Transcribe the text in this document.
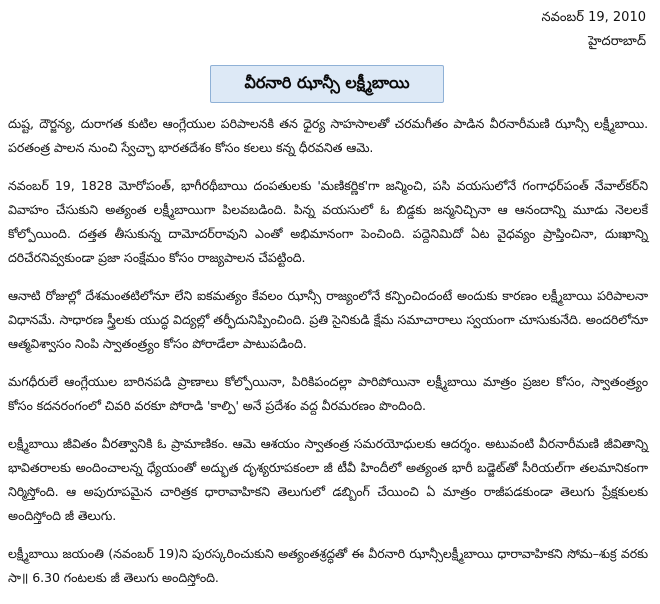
నవంబర్ 19, 2010
హైదరాబాద్
వీరనారి ఝాన్సీ లక్ష్మీబాయి

దుష్ట, దౌర్జన్య, దురాగత కుటిల ఆంగ్లేయుల పరిపాలనకి తన ధైర్య సాహసాలతో చరమగీతం పాడిన వీరనారీమణి ఝాన్సీ లక్ష్మీబాయి. పరతంత్ర పాలన నుంచి స్వేచ్ఛా భారతదేశం కోసం కలలు కన్న ధీరవనిత ఆమె.

నవంబర్ 19, 1828 మోరోపంత్, భాగీరథీబాయి దంపతులకు 'మణికర్ణిక'గా జన్మించి, పసి వయసులోనే గంగాధర్‌పంత్ నేవాల్‌కర్‌ని వివాహం చేసుకుని అత్యంత లక్ష్మీబాయిగా పిలవబడింది. పిన్న వయసులో ఓ బిడ్డకు జన్మనిచ్చినా ఆ ఆనందాన్ని మూడు నెలలకే కోల్పోయింది. దత్తత తీసుకున్న దామోదర్‌రావుని ఎంతో అభిమానంగా పెంచింది. పద్దెనిమిదో ఏట వైధవ్యం ప్రాప్తించినా, దుఃఖాన్ని దరిచేరనివ్వకుండా ప్రజా సంక్షేమం కోసం రాజ్యపాలన చేపట్టింది.

ఆనాటి రోజుల్లో దేశమంతటిలోనూ లేని ఐకమత్యం కేవలం ఝాన్సీ రాజ్యంలోనే కన్పించిందంటే అందుకు కారణం లక్ష్మీబాయి పరిపాలనా విధానమే. సాధారణ స్త్రీలకు యుద్ధ విద్యల్లో తర్ఫీదునిప్పించింది. ప్రతి సైనికుడి క్షేమ సమాచారాలు స్వయంగా చూసుకునేది. అందరిలోనూ ఆత్మవిశ్వాసం నింపి స్వాతంత్ర్యం కోసం పోరాడేలా పాటుపడింది.

మగధీరులే ఆంగ్లేయుల బారినపడి ప్రాణాలు కోల్పోయినా, పిరికిపందల్లా పారిపోయినా లక్ష్మీబాయి మాత్రం ప్రజల కోసం, స్వాతంత్ర్యం కోసం కదనరంగంలో చివరి వరకూ పోరాడి 'కాల్పి' అనే ప్రదేశం వద్ద వీరమరణం పొందింది.

లక్ష్మీబాయి జీవితం వీరత్వానికి ఓ ప్రామాణికం. ఆమె ఆశయం స్వాతంత్ర సమరయోధులకు ఆదర్శం. అటువంటి వీరనారీమణి జీవితాన్ని భావితరాలకు అందించాలన్న ధ్యేయంతో అద్భుత దృశ్యరూపకంలా జీ టీవీ హిందీలో అత్యంత భారీ బడ్జెట్‌తో సీరియల్‌గా తలమానికంగా నిర్మిస్తోంది. ఆ అపురూపమైన చారిత్రక ధారావాహికని తెలుగులో డబ్బింగ్ చేయించి ఏ మాత్రం రాజీపడకుండా తెలుగు ప్రేక్షకులకు అందిస్తోంది జీ తెలుగు.

లక్ష్మీబాయి జయంతి (నవంబర్ 19)ని పురస్కరించుకుని అత్యంతశ్రద్ధతో ఈ వీరనారి ఝాన్సీలక్ష్మీబాయి ధారావాహికని సోమ–శుక్ర వరకు సా॥ 6.30 గంటలకు జీ తెలుగు అందిస్తోంది.
